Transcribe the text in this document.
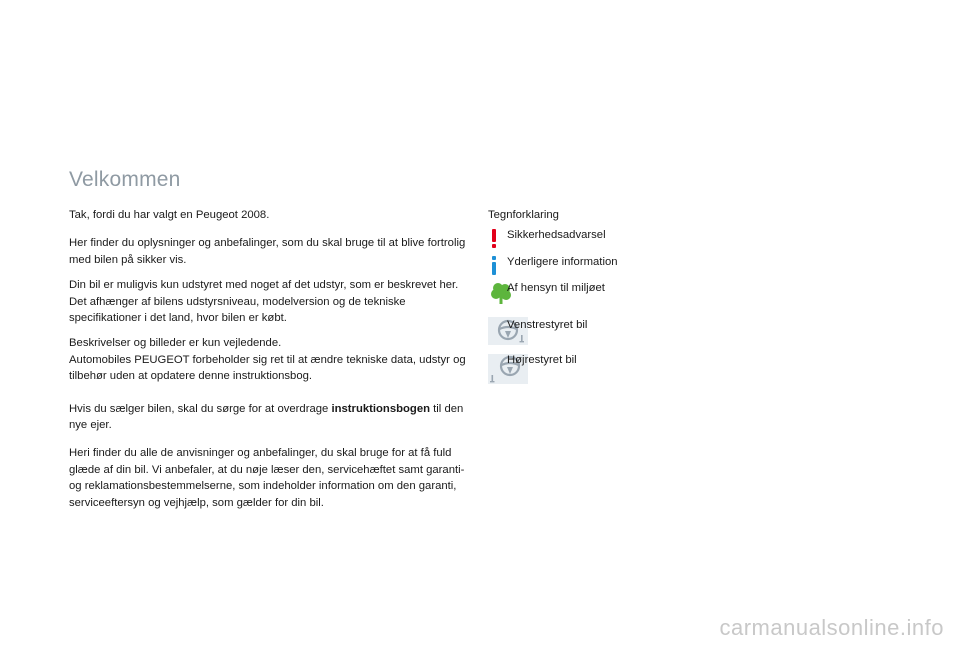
Velkommen

Tak, fordi du har valgt en Peugeot 2008.

Her finder du oplysninger og anbefalinger, som du skal bruge til at blive fortrolig med bilen på sikker vis.

Din bil er muligvis kun udstyret med noget af det udstyr, som er beskrevet her. Det afhænger af bilens udstyrsniveau, modelversion og de tekniske specifikationer i det land, hvor bilen er købt.

Beskrivelser og billeder er kun vejledende.
Automobiles PEUGEOT forbeholder sig ret til at ændre tekniske data, udstyr og tilbehør uden at opdatere denne instruktionsbog.

Hvis du sælger bilen, skal du sørge for at overdrage instruktionsbogen til den nye ejer.

Heri finder du alle de anvisninger og anbefalinger, du skal bruge for at få fuld glæde af din bil. Vi anbefaler, at du nøje læser den, servicehæftet samt garanti- og reklamationsbestemmelserne, som indeholder information om den garanti, serviceeftersyn og vejhjælp, som gælder for din bil.

Tegnforklaring
Sikkerhedsadvarsel
Yderligere information
Af hensyn til miljøet
Venstrestyret bil
Højrestyret bil
carmanualsonline.info
